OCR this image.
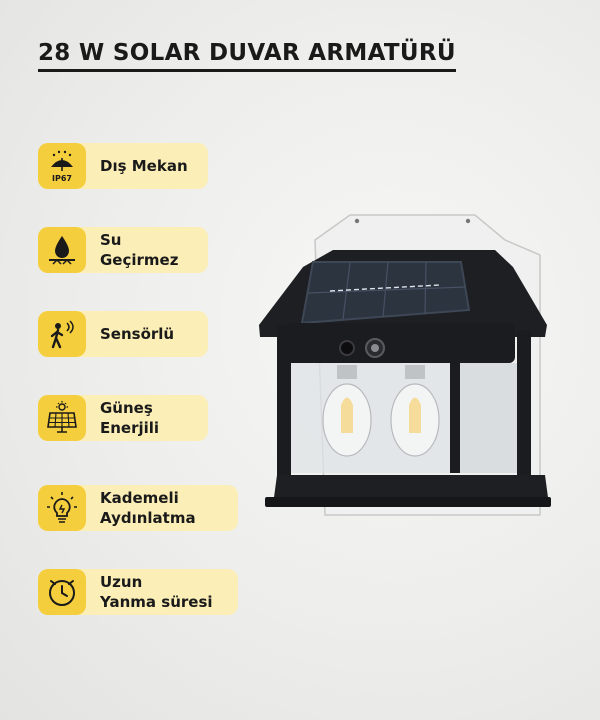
28 W SOLAR DUVAR ARMATÜRÜ
IP67
Dış Mekan
Su
Geçirmez
Sensörlü
Güneş
Enerjili
Kademeli
Aydınlatma
Uzun
Yanma süresi
